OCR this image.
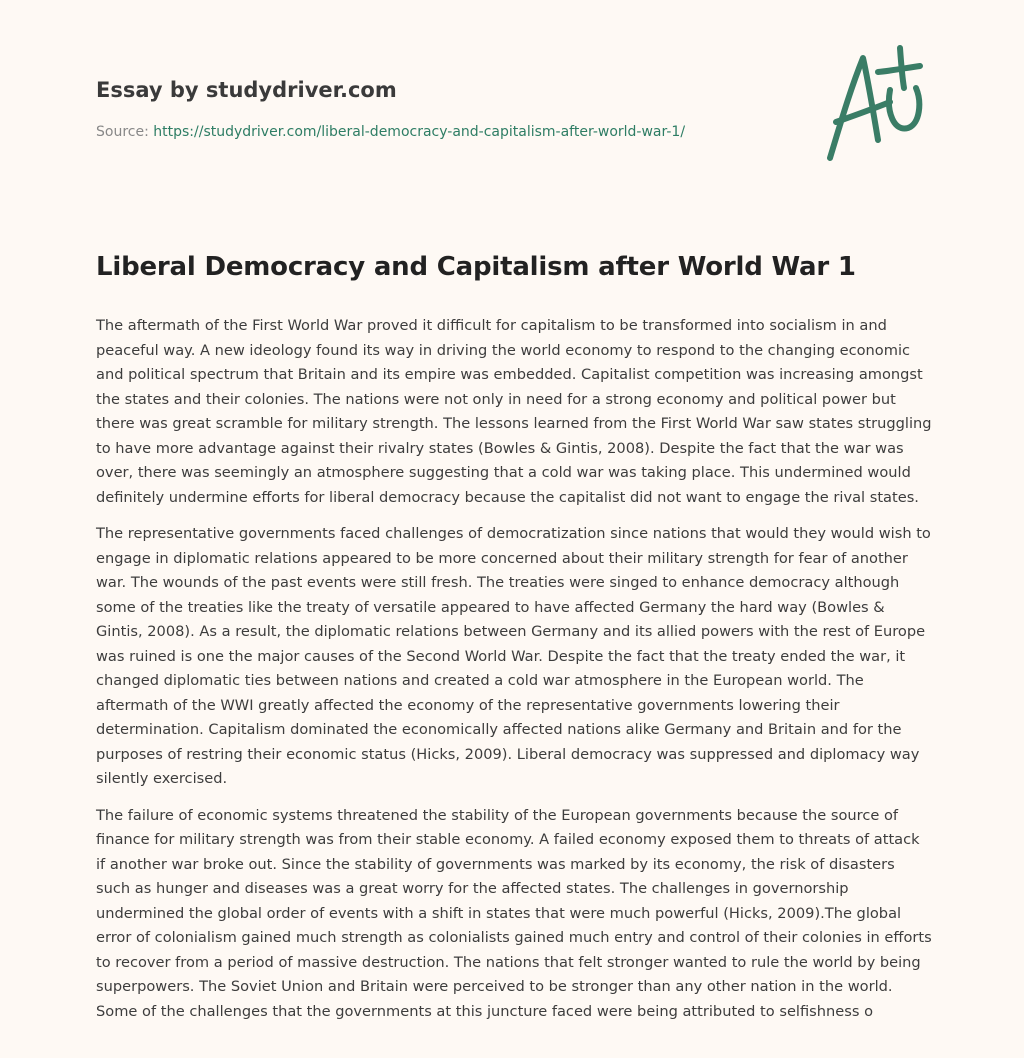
Essay by studydriver.com
Source: https://studydriver.com/liberal-democracy-and-capitalism-after-world-war-1/
Liberal Democracy and Capitalism after World War 1

The aftermath of the First World War proved it difficult for capitalism to be transformed into socialism in and peaceful way. A new ideology found its way in driving the world economy to respond to the changing economic and political spectrum that Britain and its empire was embedded. Capitalist competition was increasing amongst the states and their colonies. The nations were not only in need for a strong economy and political power but there was great scramble for military strength. The lessons learned from the First World War saw states struggling to have more advantage against their rivalry states (Bowles & Gintis, 2008). Despite the fact that the war was over, there was seemingly an atmosphere suggesting that a cold war was taking place. This undermined would definitely undermine efforts for liberal democracy because the capitalist did not want to engage the rival states.

The representative governments faced challenges of democratization since nations that would they would wish to engage in diplomatic relations appeared to be more concerned about their military strength for fear of another war. The wounds of the past events were still fresh. The treaties were singed to enhance democracy although some of the treaties like the treaty of versatile appeared to have affected Germany the hard way (Bowles & Gintis, 2008). As a result, the diplomatic relations between Germany and its allied powers with the rest of Europe was ruined is one the major causes of the Second World War. Despite the fact that the treaty ended the war, it changed diplomatic ties between nations and created a cold war atmosphere in the European world. The aftermath of the WWI greatly affected the economy of the representative governments lowering their determination. Capitalism dominated the economically affected nations alike Germany and Britain and for the purposes of restring their economic status (Hicks, 2009). Liberal democracy was suppressed and diplomacy way silently exercised.

The failure of economic systems threatened the stability of the European governments because the source of finance for military strength was from their stable economy. A failed economy exposed them to threats of attack if another war broke out. Since the stability of governments was marked by its economy, the risk of disasters such as hunger and diseases was a great worry for the affected states. The challenges in governorship undermined the global order of events with a shift in states that were much powerful (Hicks, 2009).The global error of colonialism gained much strength as colonialists gained much entry and control of their colonies in efforts to recover from a period of massive destruction. The nations that felt stronger wanted to rule the world by being superpowers. The Soviet Union and Britain were perceived to be stronger than any other nation in the world. Some of the challenges that the governments at this juncture faced were being attributed to selfishness o
